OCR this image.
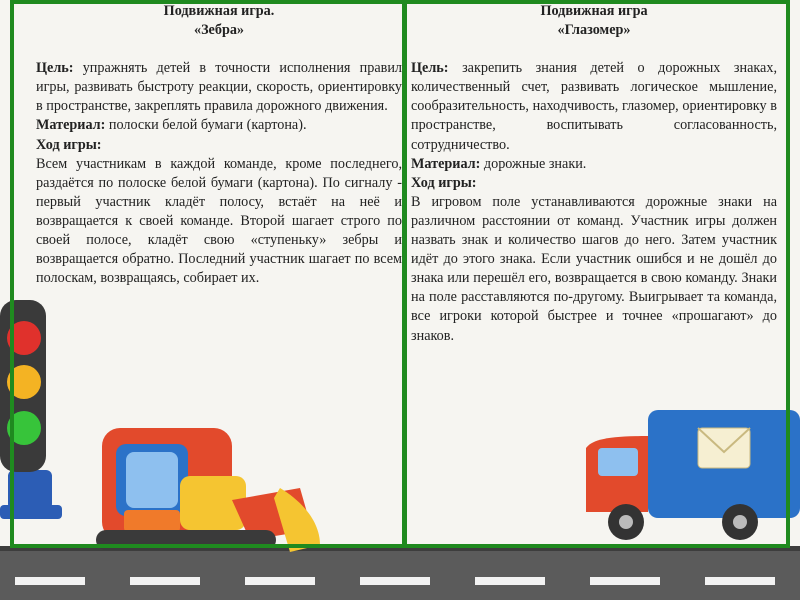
Подвижная игра.

«Зебра»

Цель: упражнять детей в точности исполнения правил игры, развивать быстроту реакции, скорость, ориентировку в пространстве, закреплять правила дорожного движения.

Материал: полоски белой бумаги (картона).

Ход игры:

Всем участникам в каждой команде, кроме последнего, раздаётся по полоске белой бумаги (картона). По сигналу - первый участник кладёт полосу, встаёт на неё и возвращается к своей команде. Второй шагает строго по своей полосе, кладёт свою «ступеньку» зебры и возвращается обратно. Последний участник шагает по всем полоскам, возвращаясь, собирает их.

Подвижная игра

«Глазомер»

Цель: закрепить знания детей о дорожных знаках, количественный счет, развивать логическое мышление, сообразительность, находчивость, глазомер, ориентировку в пространстве, воспитывать согласованность, сотрудничество.

Материал: дорожные знаки.

Ход игры:

В игровом поле устанавливаются дорожные знаки на различном расстоянии от команд. Участник игры должен назвать знак и количество шагов до него. Затем участник идёт до этого знака. Если участник ошибся и не дошёл до знака или перешёл его, возвращается в свою команду. Знаки на поле расставляются по-другому. Выигрывает та команда, все игроки которой быстрее и точнее «прошагают» до знаков.
